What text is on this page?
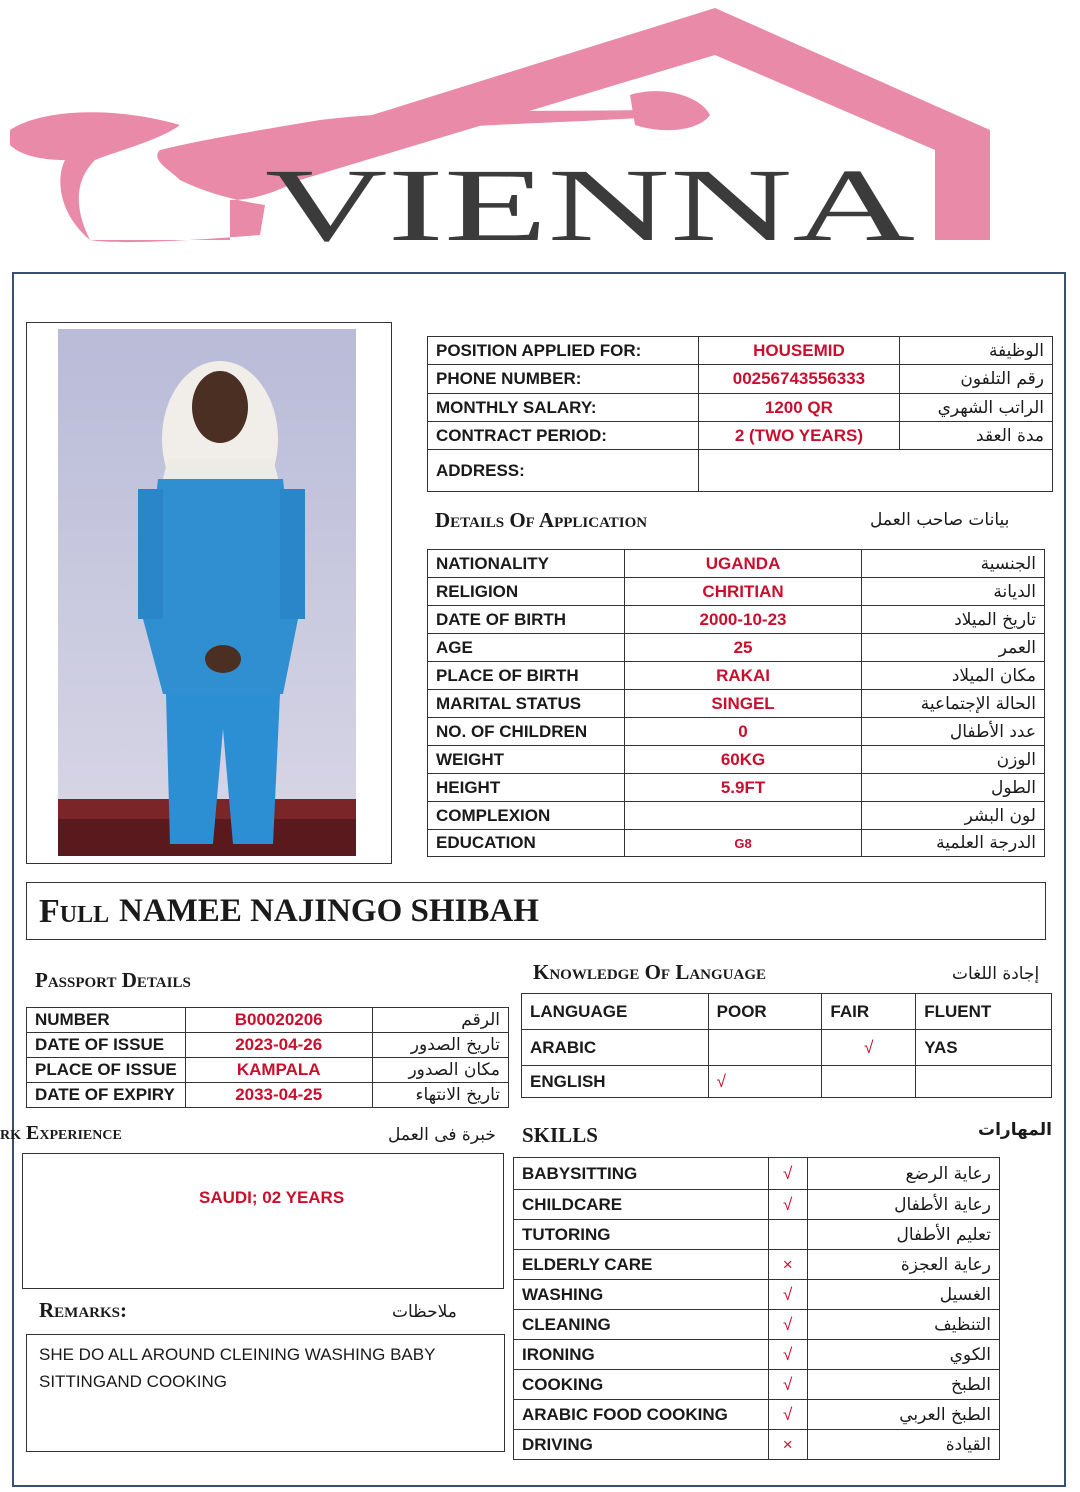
VIENNA
POSITION APPLIED FOR:	HOUSEMID	الوظيفة
PHONE NUMBER:	00256743556333	رقم التلفون
MONTHLY SALARY:	1200 QR	الراتب الشهري
CONTRACT PERIOD:	2 (TWO YEARS)	مدة العقد
ADDRESS:		
Details Of Application	بيانات صاحب العمل
NATIONALITY	UGANDA	الجنسية
RELIGION	CHRITIAN	الديانة
DATE OF BIRTH	2000-10-23	تاريخ الميلاد
AGE	25	العمر
PLACE OF BIRTH	RAKAI	مكان الميلاد
MARITAL STATUS	SINGEL	الحالة الإجتماعية
NO. OF CHILDREN	0	عدد الأطفال
WEIGHT	60KG	الوزن
HEIGHT	5.9FT	الطول
COMPLEXION		لون البشر
EDUCATION	G8	الدرجة العلمية
Full NAMEE NAJINGO SHIBAH
Passport Details
NUMBER	B00020206	الرقم
DATE OF ISSUE	2023-04-26	تاريخ الصدور
PLACE OF ISSUE	KAMPALA	مكان الصدور
DATE OF EXPIRY	2033-04-25	تاريخ الانتهاء
Knowledge Of Language	إجادة اللغات
LANGUAGE	POOR	FAIR	FLUENT
ARABIC		√	YAS
ENGLISH	√		
rk Experience	خبرة فى العمل
SAUDI; 02 YEARS
Remarks:	ملاحظات
SHE DO ALL AROUND CLEINING WASHING BABY
SITTINGAND COOKING
SKILLS	المهارات
BABYSITTING	√	رعاية الرضع
CHILDCARE	√	رعاية الأطفال
TUTORING		تعليم الأطفال
ELDERLY CARE	×	رعاية العجزة
WASHING	√	الغسيل
CLEANING	√	التنظيف
IRONING	√	الكوي
COOKING	√	الطبخ
ARABIC FOOD COOKING	√	الطبخ العربي
DRIVING	×	القيادة
